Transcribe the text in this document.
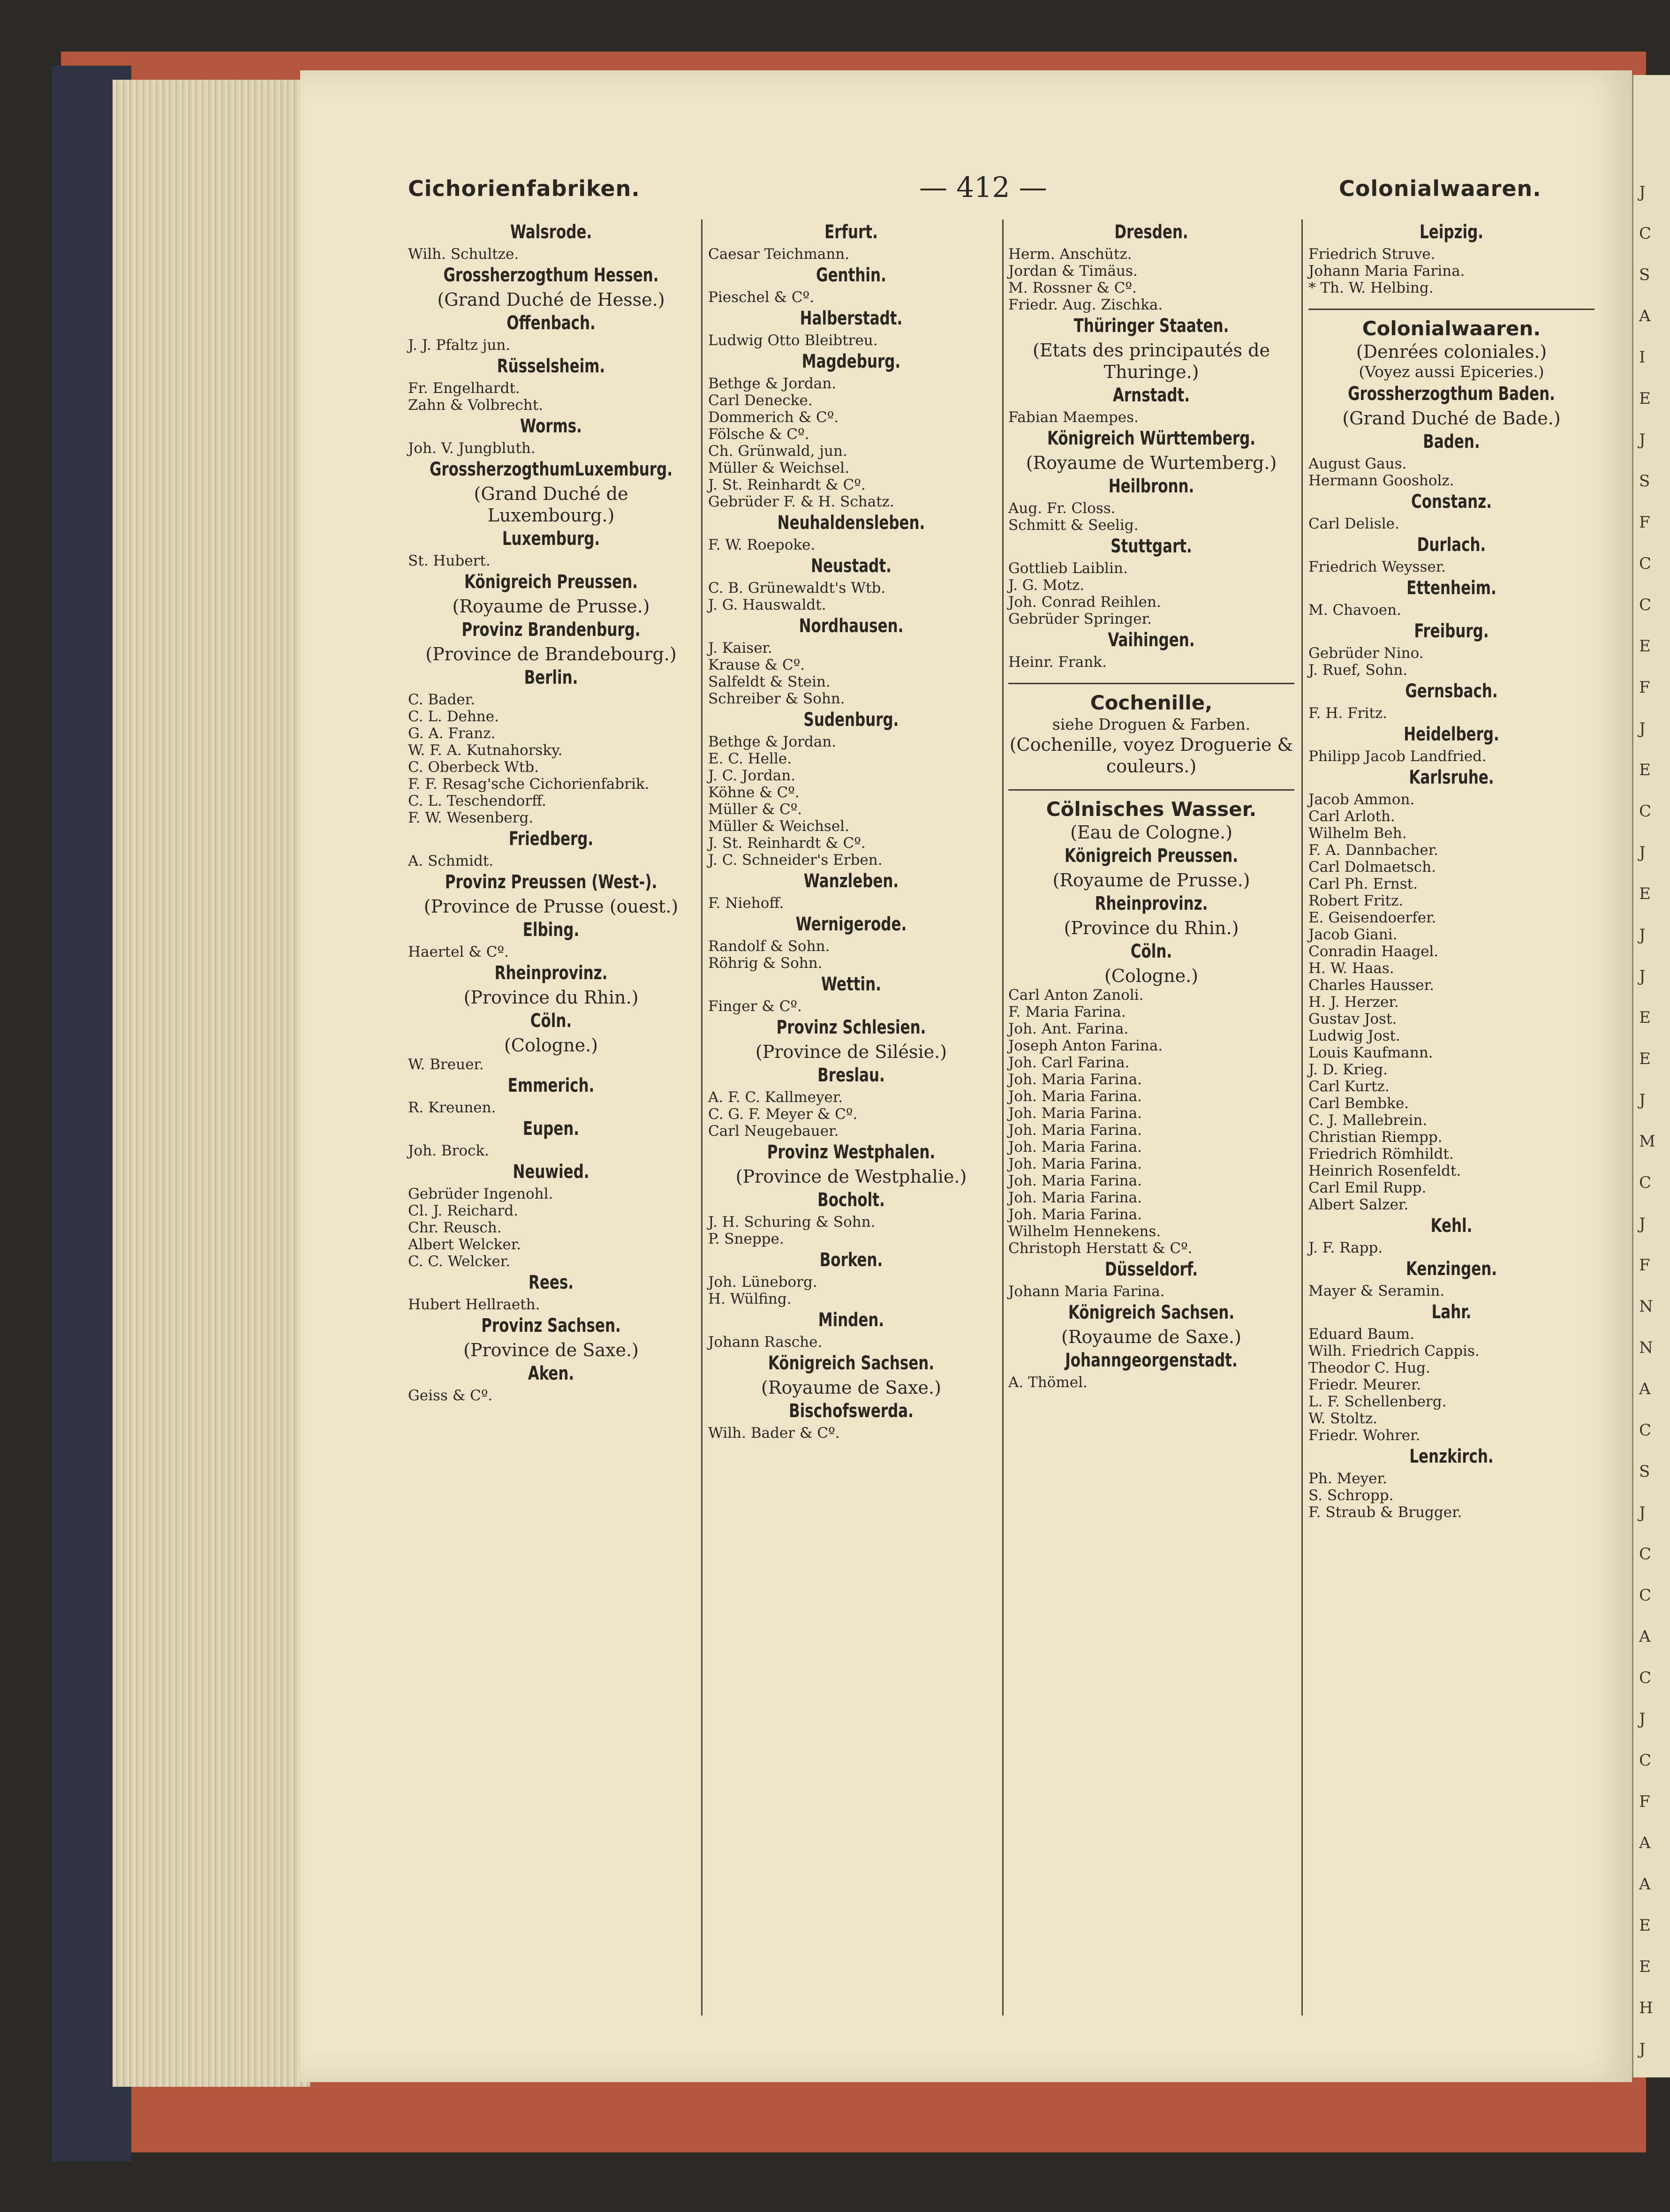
J
C
S
A
I
E
J
S
F
C
C
E
F
J
E
C
J
E
J
J
E
E
J
M
C
J
F
N
N
A
C
S
J
C
C
A
C
J
C
F
A
A
E
E
H
J
Cichorienfabriken.	— 412 —	Colonialwaaren.
Walsrode.
Wilh. Schultze.
Grossherzogthum Hessen.
(Grand Duché de Hesse.)
Offenbach.
J. J. Pfaltz jun.
Rüsselsheim.
Fr. Engelhardt.
Zahn & Volbrecht.
Worms.
Joh. V. Jungbluth.
GrossherzogthumLuxemburg.
(Grand Duché de Luxembourg.)
Luxemburg.
St. Hubert.
Königreich Preussen.
(Royaume de Prusse.)
Provinz Brandenburg.
(Province de Brandebourg.)
Berlin.
C. Bader.
C. L. Dehne.
G. A. Franz.
W. F. A. Kutnahorsky.
C. Oberbeck Wtb.
F. F. Resag'sche Cichorienfabrik.
C. L. Teschendorff.
F. W. Wesenberg.
Friedberg.
A. Schmidt.
Provinz Preussen (West-).
(Province de Prusse (ouest.)
Elbing.
Haertel & Cº.
Rheinprovinz.
(Province du Rhin.)
Cöln.
(Cologne.)
W. Breuer.
Emmerich.
R. Kreunen.
Eupen.
Joh. Brock.
Neuwied.
Gebrüder Ingenohl.
Cl. J. Reichard.
Chr. Reusch.
Albert Welcker.
C. C. Welcker.
Rees.
Hubert Hellraeth.
Provinz Sachsen.
(Province de Saxe.)
Aken.
Geiss & Cº.
Erfurt.
Caesar Teichmann.
Genthin.
Pieschel & Cº.
Halberstadt.
Ludwig Otto Bleibtreu.
Magdeburg.
Bethge & Jordan.
Carl Denecke.
Dommerich & Cº.
Fölsche & Cº.
Ch. Grünwald, jun.
Müller & Weichsel.
J. St. Reinhardt & Cº.
Gebrüder F. & H. Schatz.
Neuhaldensleben.
F. W. Roepoke.
Neustadt.
C. B. Grünewaldt's Wtb.
J. G. Hauswaldt.
Nordhausen.
J. Kaiser.
Krause & Cº.
Salfeldt & Stein.
Schreiber & Sohn.
Sudenburg.
Bethge & Jordan.
E. C. Helle.
J. C. Jordan.
Köhne & Cº.
Müller & Cº.
Müller & Weichsel.
J. St. Reinhardt & Cº.
J. C. Schneider's Erben.
Wanzleben.
F. Niehoff.
Wernigerode.
Randolf & Sohn.
Röhrig & Sohn.
Wettin.
Finger & Cº.
Provinz Schlesien.
(Province de Silésie.)
Breslau.
A. F. C. Kallmeyer.
C. G. F. Meyer & Cº.
Carl Neugebauer.
Provinz Westphalen.
(Province de Westphalie.)
Bocholt.
J. H. Schuring & Sohn.
P. Sneppe.
Borken.
Joh. Lüneborg.
H. Wülfing.
Minden.
Johann Rasche.
Königreich Sachsen.
(Royaume de Saxe.)
Bischofswerda.
Wilh. Bader & Cº.
Dresden.
Herm. Anschütz.
Jordan & Timäus.
M. Rossner & Cº.
Friedr. Aug. Zischka.
Thüringer Staaten.
(Etats des principautés de Thuringe.)
Arnstadt.
Fabian Maempes.
Königreich Württemberg.
(Royaume de Wurtemberg.)
Heilbronn.
Aug. Fr. Closs.
Schmitt & Seelig.
Stuttgart.
Gottlieb Laiblin.
J. G. Motz.
Joh. Conrad Reihlen.
Gebrüder Springer.
Vaihingen.
Heinr. Frank.
Cochenille,
siehe Droguen & Farben.
(Cochenille, voyez Droguerie & couleurs.)
Cölnisches Wasser.
(Eau de Cologne.)
Königreich Preussen.
(Royaume de Prusse.)
Rheinprovinz.
(Province du Rhin.)
Cöln.
(Cologne.)
Carl Anton Zanoli.
F. Maria Farina.
Joh. Ant. Farina.
Joseph Anton Farina.
Joh. Carl Farina.
Joh. Maria Farina.
Joh. Maria Farina.
Joh. Maria Farina.
Joh. Maria Farina.
Joh. Maria Farina.
Joh. Maria Farina.
Joh. Maria Farina.
Joh. Maria Farina.
Joh. Maria Farina.
Wilhelm Hennekens.
Christoph Herstatt & Cº.
Düsseldorf.
Johann Maria Farina.
Königreich Sachsen.
(Royaume de Saxe.)
Johanngeorgenstadt.
A. Thömel.
Leipzig.
Friedrich Struve.
Johann Maria Farina.
* Th. W. Helbing.
Colonialwaaren.
(Denrées coloniales.)
(Voyez aussi Epiceries.)
Grossherzogthum Baden.
(Grand Duché de Bade.)
Baden.
August Gaus.
Hermann Goosholz.
Constanz.
Carl Delisle.
Durlach.
Friedrich Weysser.
Ettenheim.
M. Chavoen.
Freiburg.
Gebrüder Nino.
J. Ruef, Sohn.
Gernsbach.
F. H. Fritz.
Heidelberg.
Philipp Jacob Landfried.
Karlsruhe.
Jacob Ammon.
Carl Arloth.
Wilhelm Beh.
F. A. Dannbacher.
Carl Dolmaetsch.
Carl Ph. Ernst.
Robert Fritz.
E. Geisendoerfer.
Jacob Giani.
Conradin Haagel.
H. W. Haas.
Charles Hausser.
H. J. Herzer.
Gustav Jost.
Ludwig Jost.
Louis Kaufmann.
J. D. Krieg.
Carl Kurtz.
Carl Bembke.
C. J. Mallebrein.
Christian Riempp.
Friedrich Römhildt.
Heinrich Rosenfeldt.
Carl Emil Rupp.
Albert Salzer.
Kehl.
J. F. Rapp.
Kenzingen.
Mayer & Seramin.
Lahr.
Eduard Baum.
Wilh. Friedrich Cappis.
Theodor C. Hug.
Friedr. Meurer.
L. F. Schellenberg.
W. Stoltz.
Friedr. Wohrer.
Lenzkirch.
Ph. Meyer.
S. Schropp.
F. Straub & Brugger.
